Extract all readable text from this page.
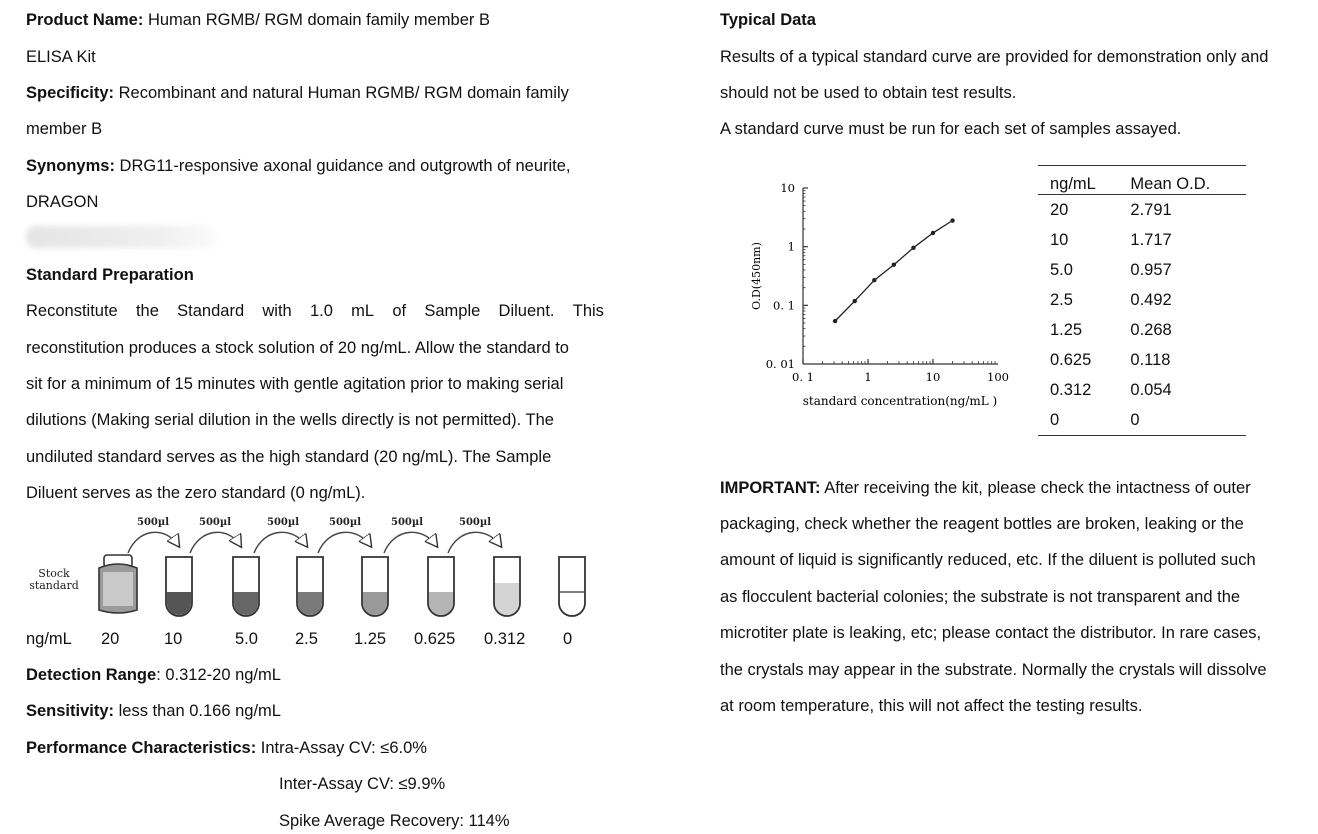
Product Name: Human RGMB/ RGM domain family member B
ELISA Kit
Specificity: Recombinant and natural Human RGMB/ RGM domain family
member B
Synonyms: DRG11-responsive axonal guidance and outgrowth of neurite,
DRAGON
Standard Preparation
Reconstitute the Standard with 1.0 mL of Sample Diluent. This
reconstitution produces a stock solution of 20 ng/mL. Allow the standard to
sit for a minimum of 15 minutes with gentle agitation prior to making serial
dilutions (Making serial dilution in the wells directly is not permitted). The
undiluted standard serves as the high standard (20 ng/mL). The Sample
Diluent serves as the zero standard (0 ng/mL).
500µl	500µl	500µl	500µl	500µl	500µl
Stock
standard
ng/mL 20	10	5.0 2.5 1.25 0.625 0.312 0
Detection Range: 0.312-20 ng/mL
Sensitivity: less than 0.166 ng/mL
Performance Characteristics: Intra-Assay CV: ≤6.0%
Inter-Assay CV: ≤9.9%
Spike Average Recovery: 114%
Typical Data
Results of a typical standard curve are provided for demonstration only and
should not be used to obtain test results.
A standard curve must be run for each set of samples assayed.
O.D(450nm)
standard concentration(ng/mL )
10
1
0. 1
0. 01
0. 1	1	10	100
ng/mL	Mean O.D.
20	2.791
10	1.717
5.0	0.957
2.5	0.492
1.25	0.268
0.625	0.118
0.312	0.054
0	0
IMPORTANT: After receiving the kit, please check the intactness of outer
packaging, check whether the reagent bottles are broken, leaking or the
amount of liquid is significantly reduced, etc. If the diluent is polluted such
as flocculent bacterial colonies; the substrate is not transparent and the
microtiter plate is leaking, etc; please contact the distributor. In rare cases,
the crystals may appear in the substrate. Normally the crystals will dissolve
at room temperature, this will not affect the testing results.
